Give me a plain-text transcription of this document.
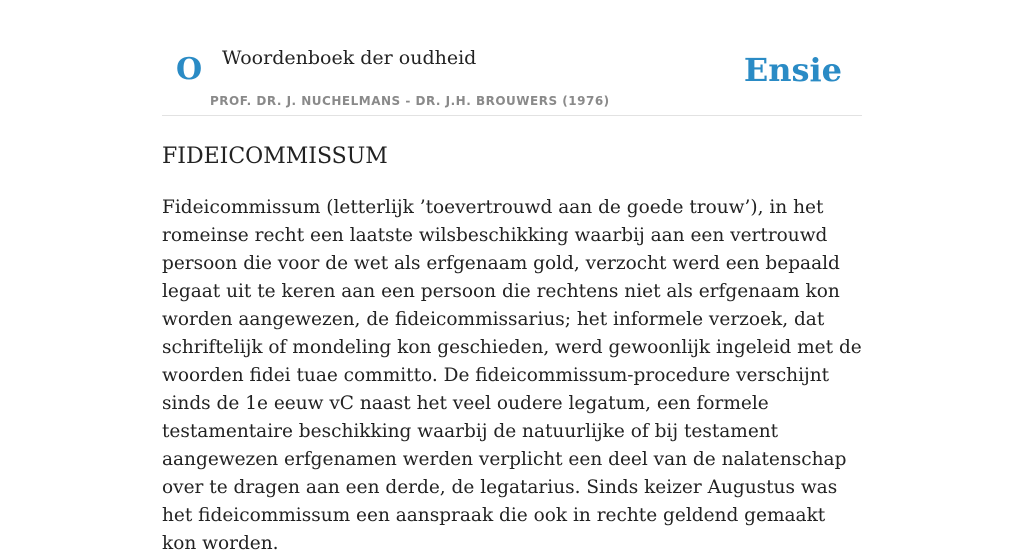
O Woordenboek der oudheid
PROF. DR. J. NUCHELMANS - DR. J.H. BROUWERS (1976)
Ensie
FIDEICOMMISSUM

Fideicommissum (letterlijk ’toevertrouwd aan de goede trouw’), in het romeinse recht een laatste wilsbeschikking waarbij aan een vertrouwd persoon die voor de wet als erfgenaam gold, verzocht werd een bepaald legaat uit te keren aan een persoon die rechtens niet als erfgenaam kon worden aangewezen, de fideicommissarius; het informele verzoek, dat schriftelijk of mondeling kon geschieden, werd gewoonlijk ingeleid met de woorden fidei tuae committo. De fideicommissum-procedure verschijnt sinds de 1e eeuw vC naast het veel oudere legatum, een formele testamentaire beschikking waarbij de natuurlijke of bij testament aangewezen erfgenamen werden verplicht een deel van de nalatenschap over te dragen aan een derde, de legatarius. Sinds keizer Augustus was het fideicommissum een aanspraak die ook in rechte geldend gemaakt kon worden.
